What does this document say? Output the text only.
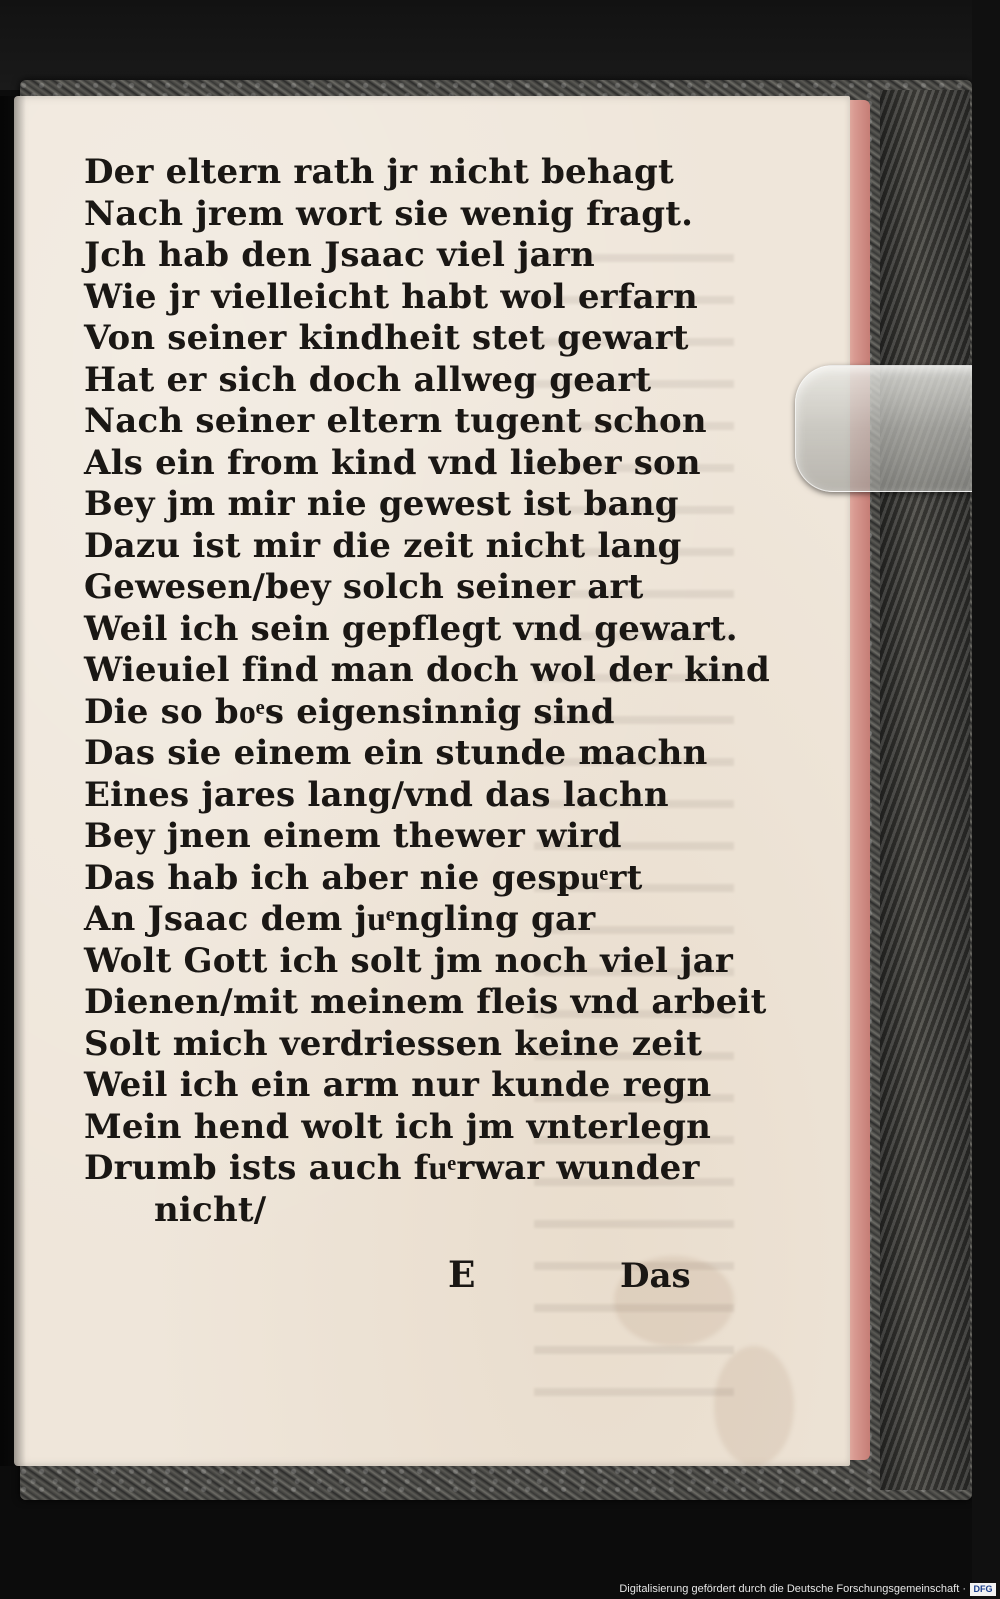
Der eltern rath jr nicht behagt
Nach jrem wort sie wenig fragt.
Jch hab den Jsaac viel jarn
Wie jr vielleicht habt wol erfarn
Von seiner kindheit stet gewart
Hat er sich doch allweg geart
Nach seiner eltern tugent schon
Als ein from kind vnd lieber son
Bey jm mir nie gewest ist bang
Dazu ist mir die zeit nicht lang
Gewesen/bey solch seiner art
Weil ich sein gepflegt vnd gewart.
Wieuiel find man doch wol der kind
Die so boͤs eigensinnig sind
Das sie einem ein stunde machn
Eines jares lang/vnd das lachn
Bey jnen einem thewer wird
Das hab ich aber nie gespuͤrt
An Jsaac dem juͤngling gar
Wolt Gott ich solt jm noch viel jar
Dienen/mit meinem fleis vnd arbeit
Solt mich verdriessen keine zeit
Weil ich ein arm nur kunde regn
Mein hend wolt ich jm vnterlegn
Drumb ists auch fuͤrwar wunder
nicht/
E	Das
Digitalisierung gefördert durch die Deutsche Forschungsgemeinschaft · DFG
